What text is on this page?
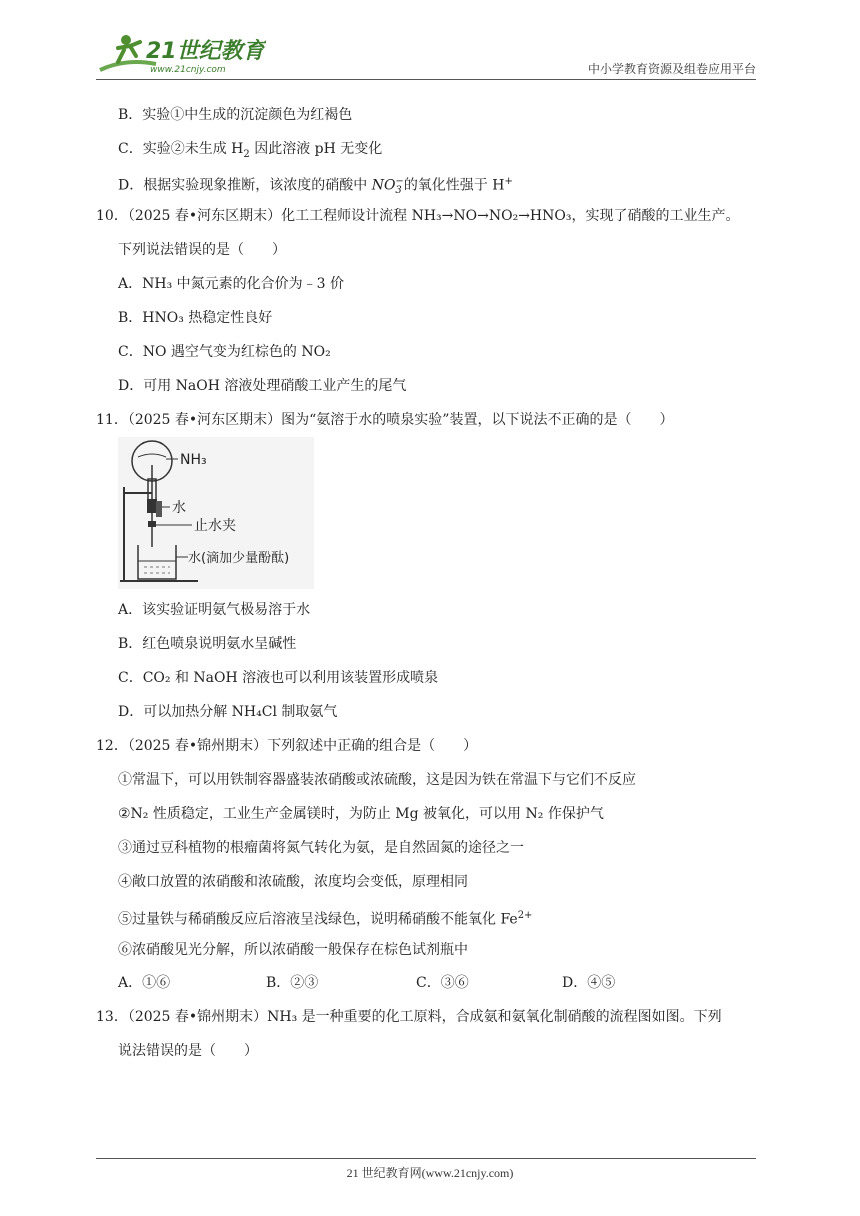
21世纪教育
www.21cnjy.com	中小学教育资源及组卷应用平台
B．实验①中生成的沉淀颜色为红褐色
C．实验②未生成 $H_2$ 因此溶液 pH 无变化
D．根据实验现象推断，该浓度的硝酸中 NO −
3 的氧化性强于 H+
10．（2025 春•河东区期末）化工工程师设计流程 NH₃→NO→NO₂→HNO₃，实现了硝酸的工业生产。
下列说法错误的是（　　）
A．NH₃ 中氮元素的化合价为﹣3 价
B．HNO₃ 热稳定性良好
C．NO 遇空气变为红棕色的 NO₂
D．可用 NaOH 溶液处理硝酸工业产生的尾气
11．（2025 春•河东区期末）图为“氨溶于水的喷泉实验”装置，以下说法不正确的是（　　）
NH₃
水
止水夹
水(滴加少量酚酞)
A．该实验证明氨气极易溶于水
B．红色喷泉说明氨水呈碱性
C．CO₂ 和 NaOH 溶液也可以利用该装置形成喷泉
D．可以加热分解 NH₄Cl 制取氨气
12．（2025 春•锦州期末）下列叙述中正确的组合是（　　）
①常温下，可以用铁制容器盛装浓硝酸或浓硫酸，这是因为铁在常温下与它们不反应
②N₂ 性质稳定，工业生产金属镁时，为防止 Mg 被氧化，可以用 N₂ 作保护气
③通过豆科植物的根瘤菌将氮气转化为氨，是自然固氮的途径之一
④敞口放置的浓硝酸和浓硫酸，浓度均会变低，原理相同
⑤过量铁与稀硝酸反应后溶液呈浅绿色，说明稀硝酸不能氧化 $Fe^{2+}$
⑥浓硝酸见光分解，所以浓硝酸一般保存在棕色试剂瓶中
A．①⑥	B．②③	C．③⑥	D．④⑤
13．（2025 春•锦州期末）NH₃ 是一种重要的化工原料，合成氨和氨氧化制硝酸的流程图如图。下列
说法错误的是（　　）
21 世纪教育网(www.21cnjy.com)
